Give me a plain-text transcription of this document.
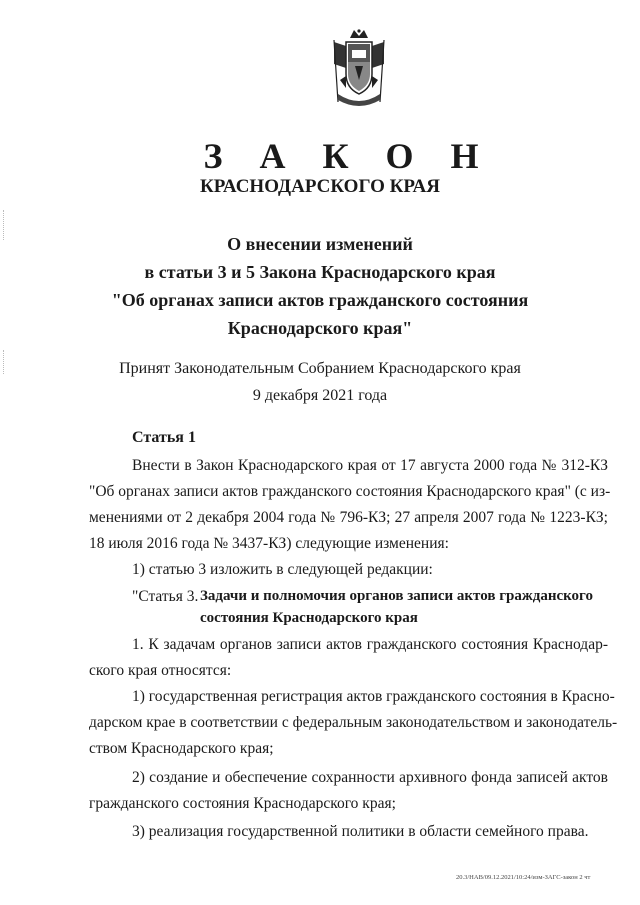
З А К О Н
КРАСНОДАРСКОГО КРАЯ
О внесении изменений
в статьи 3 и 5 Закона Краснодарского края
"Об органах записи актов гражданского состояния
Краснодарского края"
Принят Законодательным Собранием Краснодарского края
9 декабря 2021 года
Статья 1
Внести в Закон Краснодарского края от 17 августа 2000 года № 312-КЗ
"Об органах записи актов гражданского состояния Краснодарского края" (с из-
менениями от 2 декабря 2004 года № 796-КЗ; 27 апреля 2007 года № 1223-КЗ;
18 июля 2016 года № 3437-КЗ) следующие изменения:
1) статью 3 изложить в следующей редакции:
"Статья 3. Задачи и полномочия органов записи актов гражданского
состояния Краснодарского края
1. К задачам органов записи актов гражданского состояния Краснодар-
ского края относятся:
1) государственная регистрация актов гражданского состояния в Красно-
дарском крае в соответствии с федеральным законодательством и законодатель-
ством Краснодарского края;
2) создание и обеспечение сохранности архивного фонда записей актов
гражданского состояния Краснодарского края;
3) реализация государственной политики в области семейного права.
20.3/НАВ/09.12.2021/10:24/изм-ЗАГС-закон 2 чт
